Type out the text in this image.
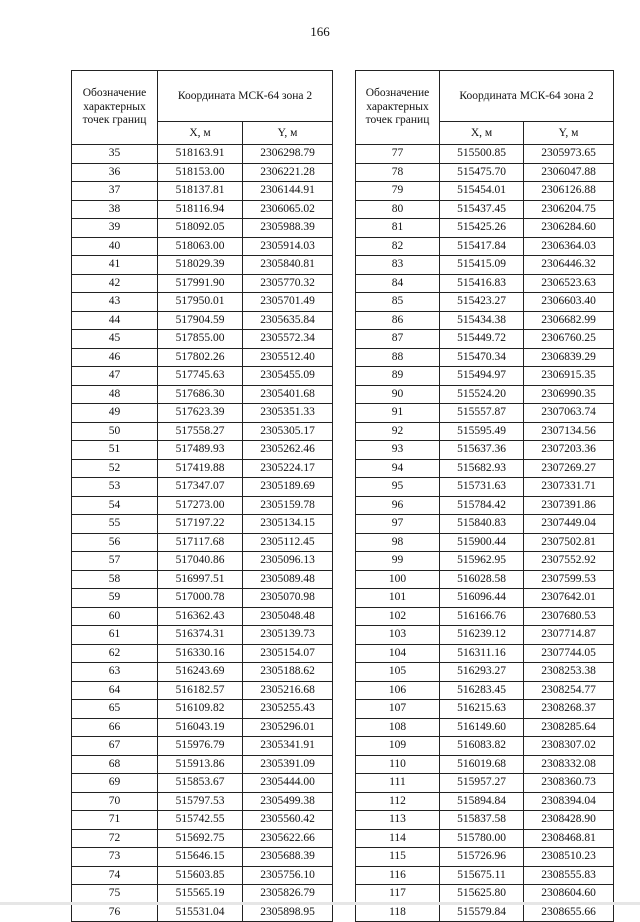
166
Обозначение характерных точек границ	Координата МСК-64 зона 2	
	X, м	Y, м
35	518163.91	2306298.79
36	518153.00	2306221.28
37	518137.81	2306144.91
38	518116.94	2306065.02
39	518092.05	2305988.39
40	518063.00	2305914.03
41	518029.39	2305840.81
42	517991.90	2305770.32
43	517950.01	2305701.49
44	517904.59	2305635.84
45	517855.00	2305572.34
46	517802.26	2305512.40
47	517745.63	2305455.09
48	517686.30	2305401.68
49	517623.39	2305351.33
50	517558.27	2305305.17
51	517489.93	2305262.46
52	517419.88	2305224.17
53	517347.07	2305189.69
54	517273.00	2305159.78
55	517197.22	2305134.15
56	517117.68	2305112.45
57	517040.86	2305096.13
58	516997.51	2305089.48
59	517000.78	2305070.98
60	516362.43	2305048.48
61	516374.31	2305139.73
62	516330.16	2305154.07
63	516243.69	2305188.62
64	516182.57	2305216.68
65	516109.82	2305255.43
66	516043.19	2305296.01
67	515976.79	2305341.91
68	515913.86	2305391.09
69	515853.67	2305444.00
70	515797.53	2305499.38
71	515742.55	2305560.42
72	515692.75	2305622.66
73	515646.15	2305688.39
74	515603.85	2305756.10
75	515565.19	2305826.79
76	515531.04	2305898.95
Обозначение характерных точек границ	Координата МСК-64 зона 2	
	X, м	Y, м
77	515500.85	2305973.65
78	515475.70	2306047.88
79	515454.01	2306126.88
80	515437.45	2306204.75
81	515425.26	2306284.60
82	515417.84	2306364.03
83	515415.09	2306446.32
84	515416.83	2306523.63
85	515423.27	2306603.40
86	515434.38	2306682.99
87	515449.72	2306760.25
88	515470.34	2306839.29
89	515494.97	2306915.35
90	515524.20	2306990.35
91	515557.87	2307063.74
92	515595.49	2307134.56
93	515637.36	2307203.36
94	515682.93	2307269.27
95	515731.63	2307331.71
96	515784.42	2307391.86
97	515840.83	2307449.04
98	515900.44	2307502.81
99	515962.95	2307552.92
100	516028.58	2307599.53
101	516096.44	2307642.01
102	516166.76	2307680.53
103	516239.12	2307714.87
104	516311.16	2307744.05
105	516293.27	2308253.38
106	516283.45	2308254.77
107	516215.63	2308268.37
108	516149.60	2308285.64
109	516083.82	2308307.02
110	516019.68	2308332.08
111	515957.27	2308360.73
112	515894.84	2308394.04
113	515837.58	2308428.90
114	515780.00	2308468.81
115	515726.96	2308510.23
116	515675.11	2308555.83
117	515625.80	2308604.60
118	515579.84	2308655.66
